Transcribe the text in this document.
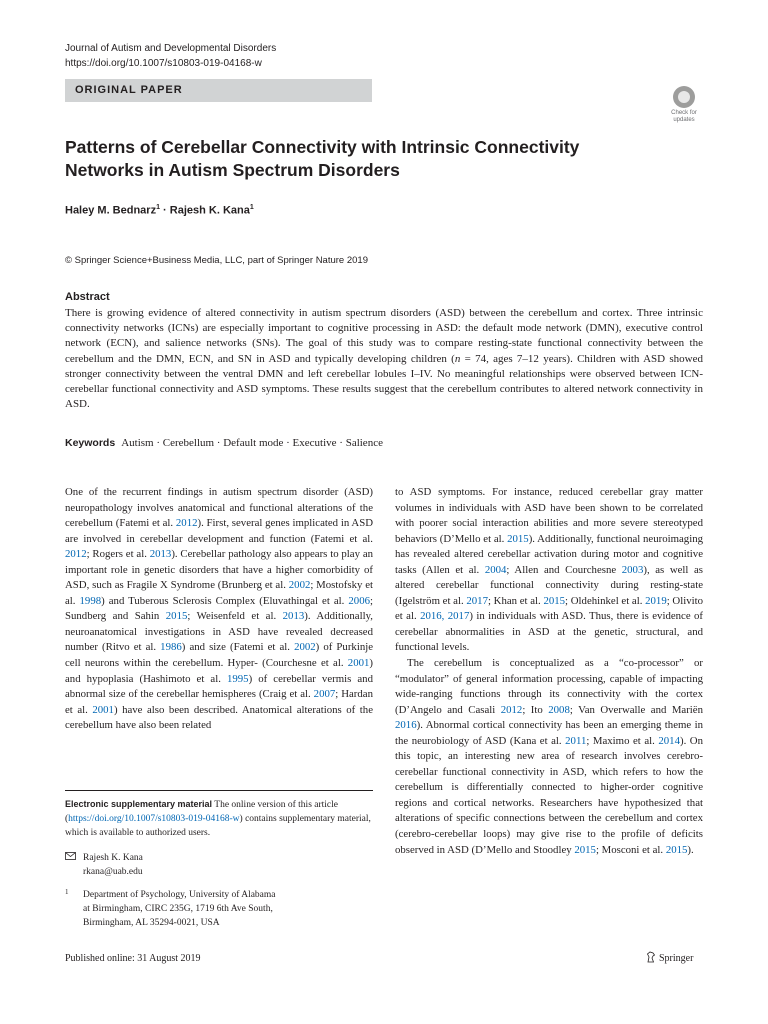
Journal of Autism and Developmental Disorders
https://doi.org/10.1007/s10803-019-04168-w
ORIGINAL PAPER
Check for
updates
Patterns of Cerebellar Connectivity with Intrinsic Connectivity Networks in Autism Spectrum Disorders
Haley M. Bednarz$^1$ · Rajesh K. Kana$^1$
© Springer Science+Business Media, LLC, part of Springer Nature 2019
Abstract
There is growing evidence of altered connectivity in autism spectrum disorders (ASD) between the cerebellum and cortex. Three intrinsic connectivity networks (ICNs) are especially important to cognitive processing in ASD: the default mode network (DMN), executive control network (ECN), and salience networks (SNs). The goal of this study was to compare resting-state functional connectivity between the cerebellum and the DMN, ECN, and SN in ASD and typically developing children (n = 74, ages 7–12 years). Children with ASD showed stronger connectivity between the ventral DMN and left cerebellar lobules I–IV. No meaningful relationships were observed between ICN-cerebellar functional connectivity and ASD symptoms. These results suggest that the cerebellum contributes to altered network connectivity in ASD.
Keywords Autism · Cerebellum · Default mode · Executive · Salience

One of the recurrent findings in autism spectrum disorder (ASD) neuropathology involves anatomical and functional alterations of the cerebellum (Fatemi et al. 2012). First, several genes implicated in ASD are involved in cerebellar development and function (Fatemi et al. 2012; Rogers et al. 2013). Cerebellar pathology also appears to play an important role in genetic disorders that have a higher comorbidity of ASD, such as Fragile X Syndrome (Brunberg et al. 2002; Mostofsky et al. 1998) and Tuberous Sclerosis Complex (Eluvathingal et al. 2006; Sundberg and Sahin 2015; Weisenfeld et al. 2013). Additionally, neuroanatomical investigations in ASD have revealed decreased number (Ritvo et al. 1986) and size (Fatemi et al. 2002) of Purkinje cell neurons within the cerebellum. Hyper- (Courchesne et al. 2001) and hypoplasia (Hashimoto et al. 1995) of cerebellar vermis and abnormal size of the cerebellar hemispheres (Craig et al. 2007; Hardan et al. 2001) have also been described. Anatomical alterations of the cerebellum have also been related

to ASD symptoms. For instance, reduced cerebellar gray matter volumes in individuals with ASD have been shown to be correlated with poorer social interaction abilities and more severe stereotyped behaviors (D’Mello et al. 2015). Additionally, functional neuroimaging has revealed altered cerebellar activation during motor and cognitive tasks (Allen et al. 2004; Allen and Courchesne 2003), as well as altered cerebellar functional connectivity during resting-state (Igelström et al. 2017; Khan et al. 2015; Oldehinkel et al. 2019; Olivito et al. 2016, 2017) in individuals with ASD. Thus, there is evidence of cerebellar abnormalities in ASD at the genetic, structural, and functional levels.

The cerebellum is conceptualized as a “co-processor” or “modulator” of general information processing, capable of impacting wide-ranging functions through its connectivity with the cortex (D’Angelo and Casali 2012; Ito 2008; Van Overwalle and Mariën 2016). Abnormal cortical connectivity has been an emerging theme in the neurobiology of ASD (Kana et al. 2011; Maximo et al. 2014). On this topic, an interesting new area of research involves cerebro-cerebellar functional connectivity in ASD, which refers to how the cerebellum is differentially connected to higher-order cognitive regions and cortical networks. Researchers have hypothesized that alterations of specific connections between the cerebellum and cortex (cerebro-cerebellar loops) may give rise to the profile of deficits observed in ASD (D’Mello and Stoodley 2015; Mosconi et al. 2015).

Electronic supplementary material The online version of this article (https://doi.org/10.1007/s10803-019-04168-w) contains supplementary material, which is available to authorized users.
Rajesh K. Kana
rkana@uab.edu
1	Department of Psychology, University of Alabama
at Birmingham, CIRC 235G, 1719 6th Ave South,
Birmingham, AL 35294-0021, USA
Published online: 31 August 2019	Springer
